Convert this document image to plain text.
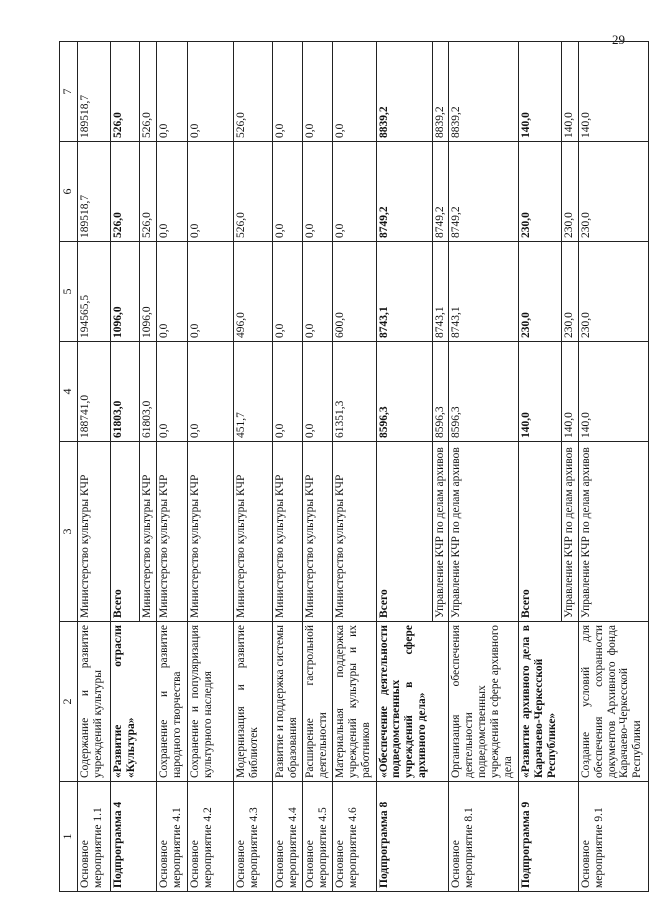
29
1	2	3	4	5	6	7
Основное мероприятие 1.1	Содержание и развитие учреждений культуры	Министерство культуры КЧР	188741,0	194565,5	189518,7	189518,7
Подпрограмма 4	«Развитие отрасли «Культура»	Всего	61803,0	1096,0	526,0	526,0
		Министерство культуры КЧР	61803,0	1096,0	526,0	526,0
Основное мероприятие 4.1	Сохранение и развитие народного творчества	Министерство культуры КЧР	0,0	0,0	0,0	0,0
Основное мероприятие 4.2	Сохранение и популяризация культурного наследия	Министерство культуры КЧР	0,0	0,0	0,0	0,0
Основное мероприятие 4.3	Модернизация и развитие библиотек	Министерство культуры КЧР	451,7	496,0	526,0	526,0
Основное мероприятие 4.4	Развитие и поддержка системы образования	Министерство культуры КЧР	0,0	0,0	0,0	0,0
Основное мероприятие 4.5	Расширение гастрольной деятельности	Министерство культуры КЧР	0,0	0,0	0,0	0,0
Основное мероприятие 4.6	Материальная поддержка учреждений культуры и их работников	Министерство культуры КЧР	61351,3	600,0	0,0	0,0
Подпрограмма 8	«Обеспечение деятельности подведомственных учреждений в сфере архивного дела»	Всего	8596,3	8743,1	8749,2	8839,2
		Управление КЧР по делам архивов	8596,3	8743,1	8749,2	8839,2
Основное мероприятие 8.1	Организация обеспечения деятельности подведомственных учреждений в сфере архивного дела	Управление КЧР по делам архивов	8596,3	8743,1	8749,2	8839,2
Подпрограмма 9	«Развитие архивного дела в Карачаево-Черкесской Республике»	Всего	140,0	230,0	230,0	140,0
		Управление КЧР по делам архивов	140,0	230,0	230,0	140,0
Основное мероприятие 9.1	Создание условий для обеспечения сохранности документов Архивного фонда Карачаево-Черкесской Республики	Управление КЧР по делам архивов	140,0	230,0	230,0	140,0
